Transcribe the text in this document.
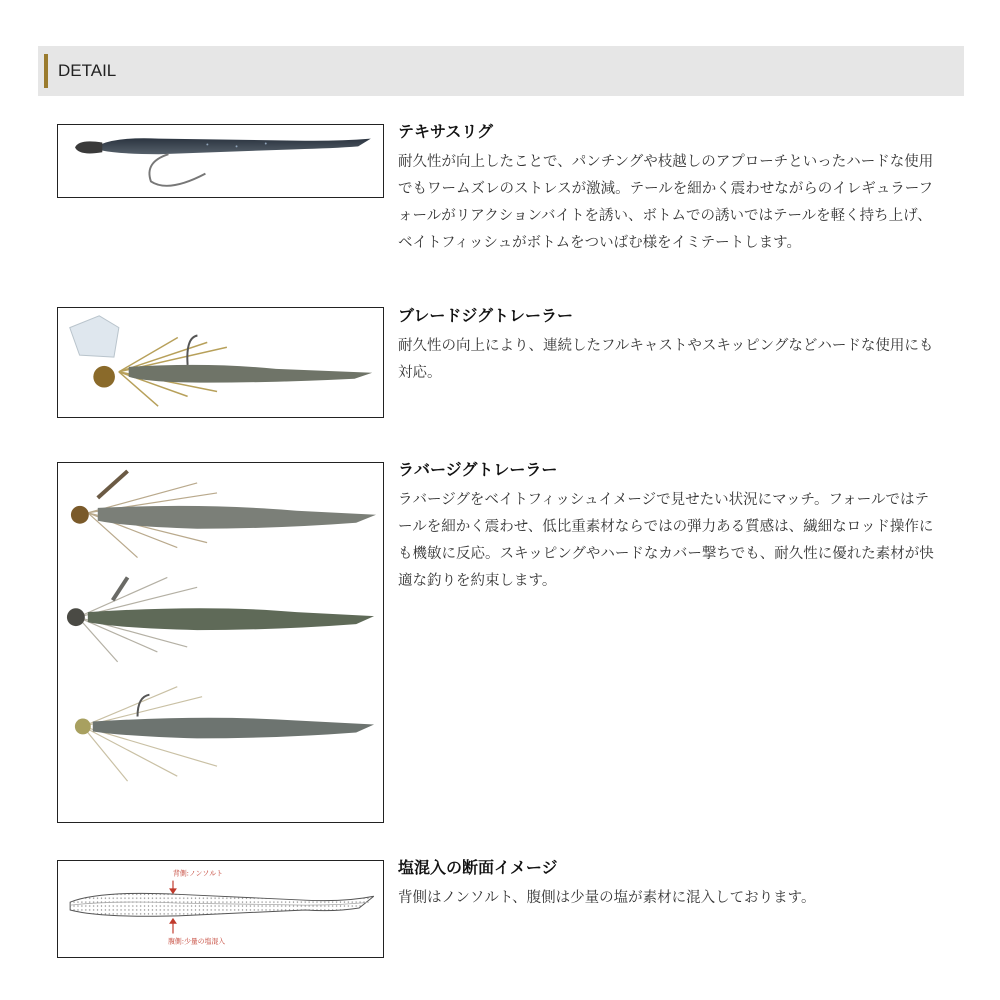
DETAIL

テキサスリグ

耐久性が向上したことで、パンチングや枝越しのアプローチといったハードな使用でもワームズレのストレスが激減。テールを細かく震わせながらのイレギュラーフォールがリアクションバイトを誘い、ボトムでの誘いではテールを軽く持ち上げ、ベイトフィッシュがボトムをついばむ様をイミテートします。

ブレードジグトレーラー

耐久性の向上により、連続したフルキャストやスキッピングなどハードな使用にも対応。

ラバージグトレーラー

ラバージグをベイトフィッシュイメージで見せたい状況にマッチ。フォールではテールを細かく震わせ、低比重素材ならではの弾力ある質感は、繊細なロッド操作にも機敏に反応。スキッピングやハードなカバー撃ちでも、耐久性に優れた素材が快適な釣りを約束します。

背側:ノンソルト
腹側:少量の塩混入

塩混入の断面イメージ

背側はノンソルト、腹側は少量の塩が素材に混入しております。
